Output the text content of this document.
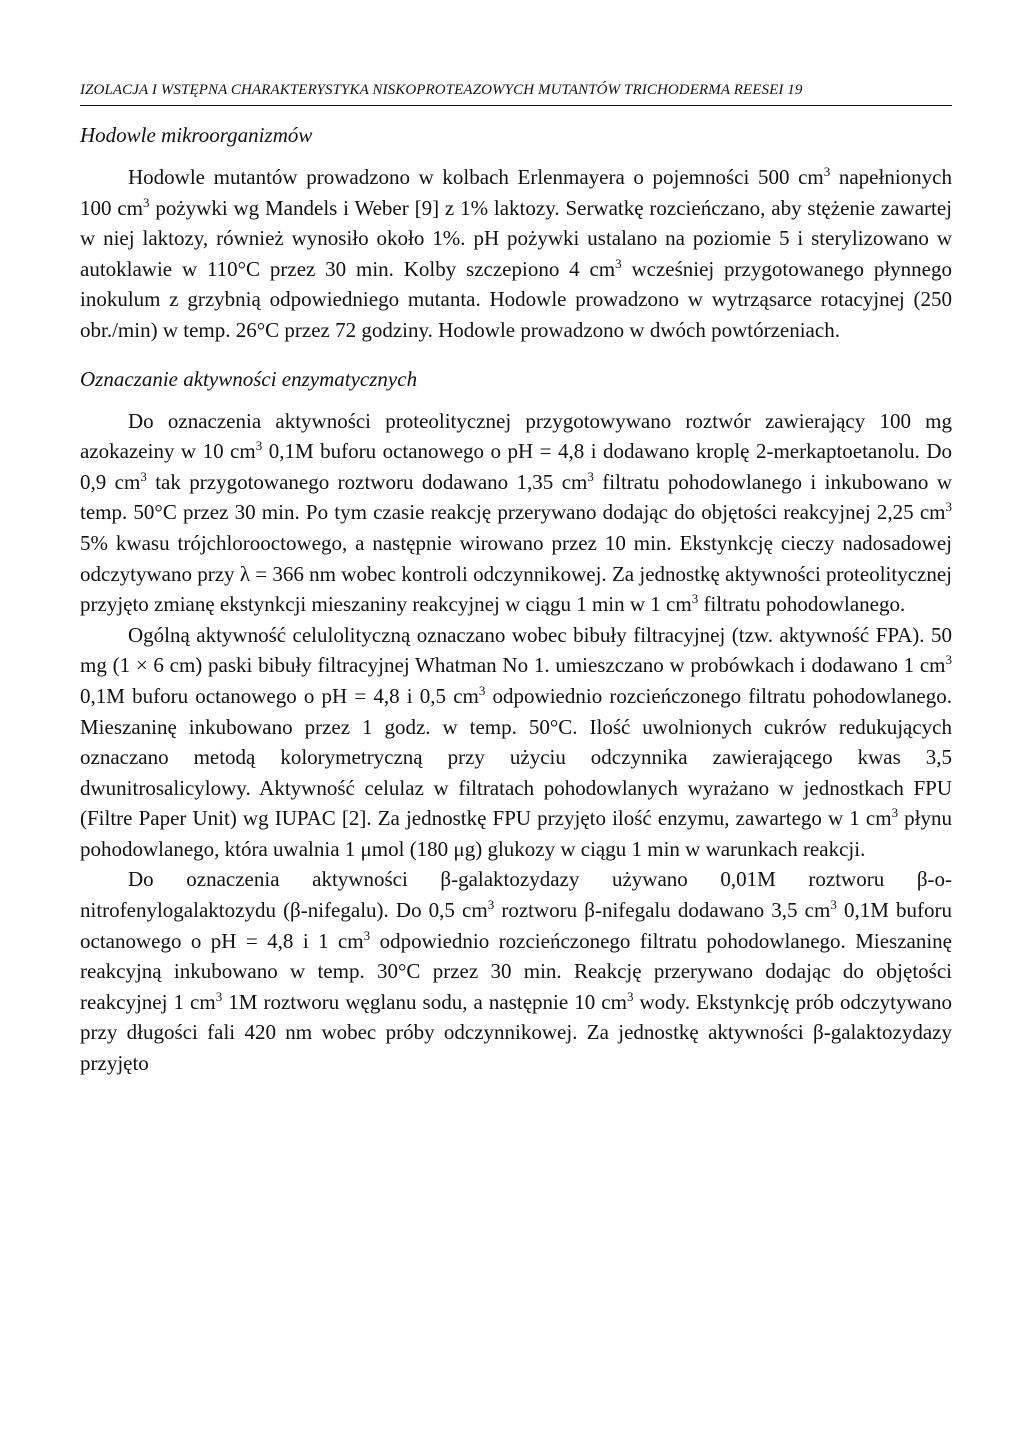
IZOLACJA I WSTĘPNA CHARAKTERYSTYKA NISKOPROTEAZOWYCH MUTANTÓW TRICHODERMA REESEI 19
Hodowle mikroorganizmów

Hodowle mutantów prowadzono w kolbach Erlenmayera o pojemności 500 $cm^3$ napełnionych 100 $cm^3$ pożywki wg Mandels i Weber [9] z 1% laktozy. Serwatkę rozcieńczano, aby stężenie zawartej w niej laktozy, również wynosiło około 1%. pH pożywki ustalano na poziomie 5 i sterylizowano w autoklawie w 110°C przez 30 min. Kolby szczepiono 4 $cm^3$ wcześniej przygotowanego płynnego inokulum z grzybnią odpowiedniego mutanta. Hodowle prowadzono w wytrząsarce rotacyjnej (250 obr./min) w temp. 26°C przez 72 godziny. Hodowle prowadzono w dwóch powtórzeniach.

Oznaczanie aktywności enzymatycznych

Do oznaczenia aktywności proteolitycznej przygotowywano roztwór zawierający 100 mg azokazeiny w 10 $cm^3$ 0,1M buforu octanowego o pH = 4,8 i dodawano kroplę 2-merkaptoetanolu. Do 0,9 $cm^3$ tak przygotowanego roztworu dodawano 1,35 $cm^3$ filtratu pohodowlanego i inkubowano w temp. 50°C przez 30 min. Po tym czasie reakcję przerywano dodając do objętości reakcyjnej 2,25 $cm^3$ 5% kwasu trójchlorooctowego, a następnie wirowano przez 10 min. Ekstynkcję cieczy nadosadowej odczytywano przy λ = 366 nm wobec kontroli odczynnikowej. Za jednostkę aktywności proteolitycznej przyjęto zmianę ekstynkcji mieszaniny reakcyjnej w ciągu 1 min w 1 $cm^3$ filtratu pohodowlanego.

Ogólną aktywność celulolityczną oznaczano wobec bibuły filtracyjnej (tzw. aktywność FPA). 50 mg (1 × 6 cm) paski bibuły filtracyjnej Whatman No 1. umieszczano w probówkach i dodawano 1 $cm^3$ 0,1M buforu octanowego o pH = 4,8 i 0,5 $cm^3$ odpowiednio rozcieńczonego filtratu pohodowlanego. Mieszaninę inkubowano przez 1 godz. w temp. 50°C. Ilość uwolnionych cukrów redukujących oznaczano metodą kolorymetryczną przy użyciu odczynnika zawierającego kwas 3,5 dwunitrosalicylowy. Aktywność celulaz w filtratach pohodowlanych wyrażano w jednostkach FPU (Filtre Paper Unit) wg IUPAC [2]. Za jednostkę FPU przyjęto ilość enzymu, zawartego w 1 $cm^3$ płynu pohodowlanego, która uwalnia 1 μmol (180 μg) glukozy w ciągu 1 min w warunkach reakcji.

Do oznaczenia aktywności β-galaktozydazy używano 0,01M roztworu β-o-nitrofenylogalaktozydu (β-nifegalu). Do 0,5 $cm^3$ roztworu β-nifegalu dodawano 3,5 $cm^3$ 0,1M buforu octanowego o pH = 4,8 i 1 $cm^3$ odpowiednio rozcieńczonego filtratu pohodowlanego. Mieszaninę reakcyjną inkubowano w temp. 30°C przez 30 min. Reakcję przerywano dodając do objętości reakcyjnej 1 $cm^3$ 1M roztworu węglanu sodu, a następnie 10 $cm^3$ wody. Ekstynkcję prób odczytywano przy długości fali 420 nm wobec próby odczynnikowej. Za jednostkę aktywności β-galaktozydazy przyjęto
